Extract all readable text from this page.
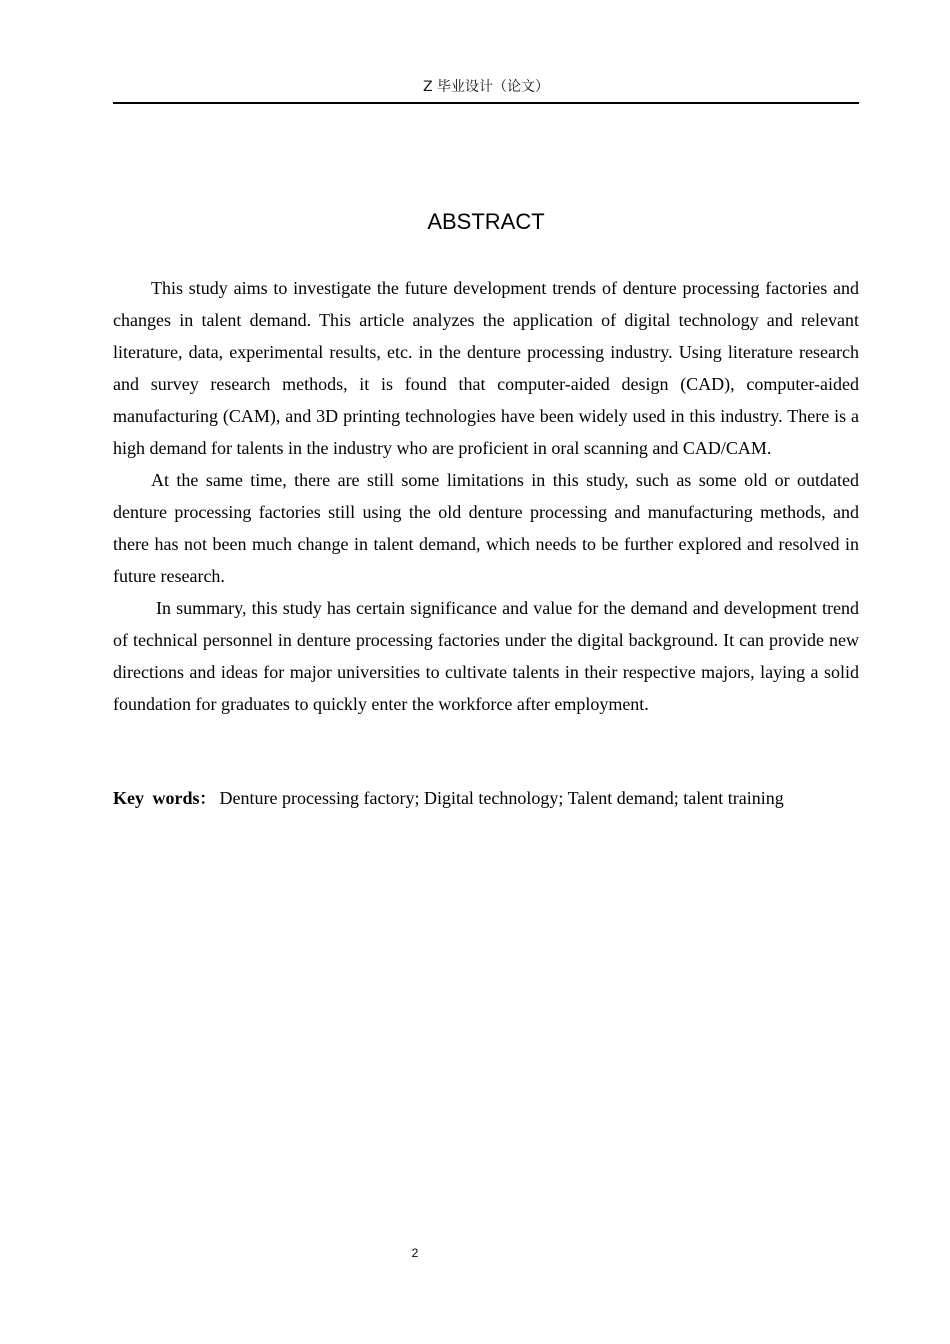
Z 毕业设计（论文）
ABSTRACT

This study aims to investigate the future development trends of denture processing factories and changes in talent demand. This article analyzes the application of digital technology and relevant literature, data, experimental results, etc. in the denture processing industry. Using literature research and survey research methods, it is found that computer-aided design (CAD), computer-aided manufacturing (CAM), and 3D printing technologies have been widely used in this industry. There is a high demand for talents in the industry who are proficient in oral scanning and CAD/CAM.

At the same time, there are still some limitations in this study, such as some old or outdated denture processing factories still using the old denture processing and manufacturing methods, and there has not been much change in talent demand, which needs to be further explored and resolved in future research.

In summary, this study has certain significance and value for the demand and development trend of technical personnel in denture processing factories under the digital background. It can provide new directions and ideas for major universities to cultivate talents in their respective majors, laying a solid foundation for graduates to quickly enter the workforce after employment.

Key words： Denture processing factory; Digital technology; Talent demand; talent training
2
